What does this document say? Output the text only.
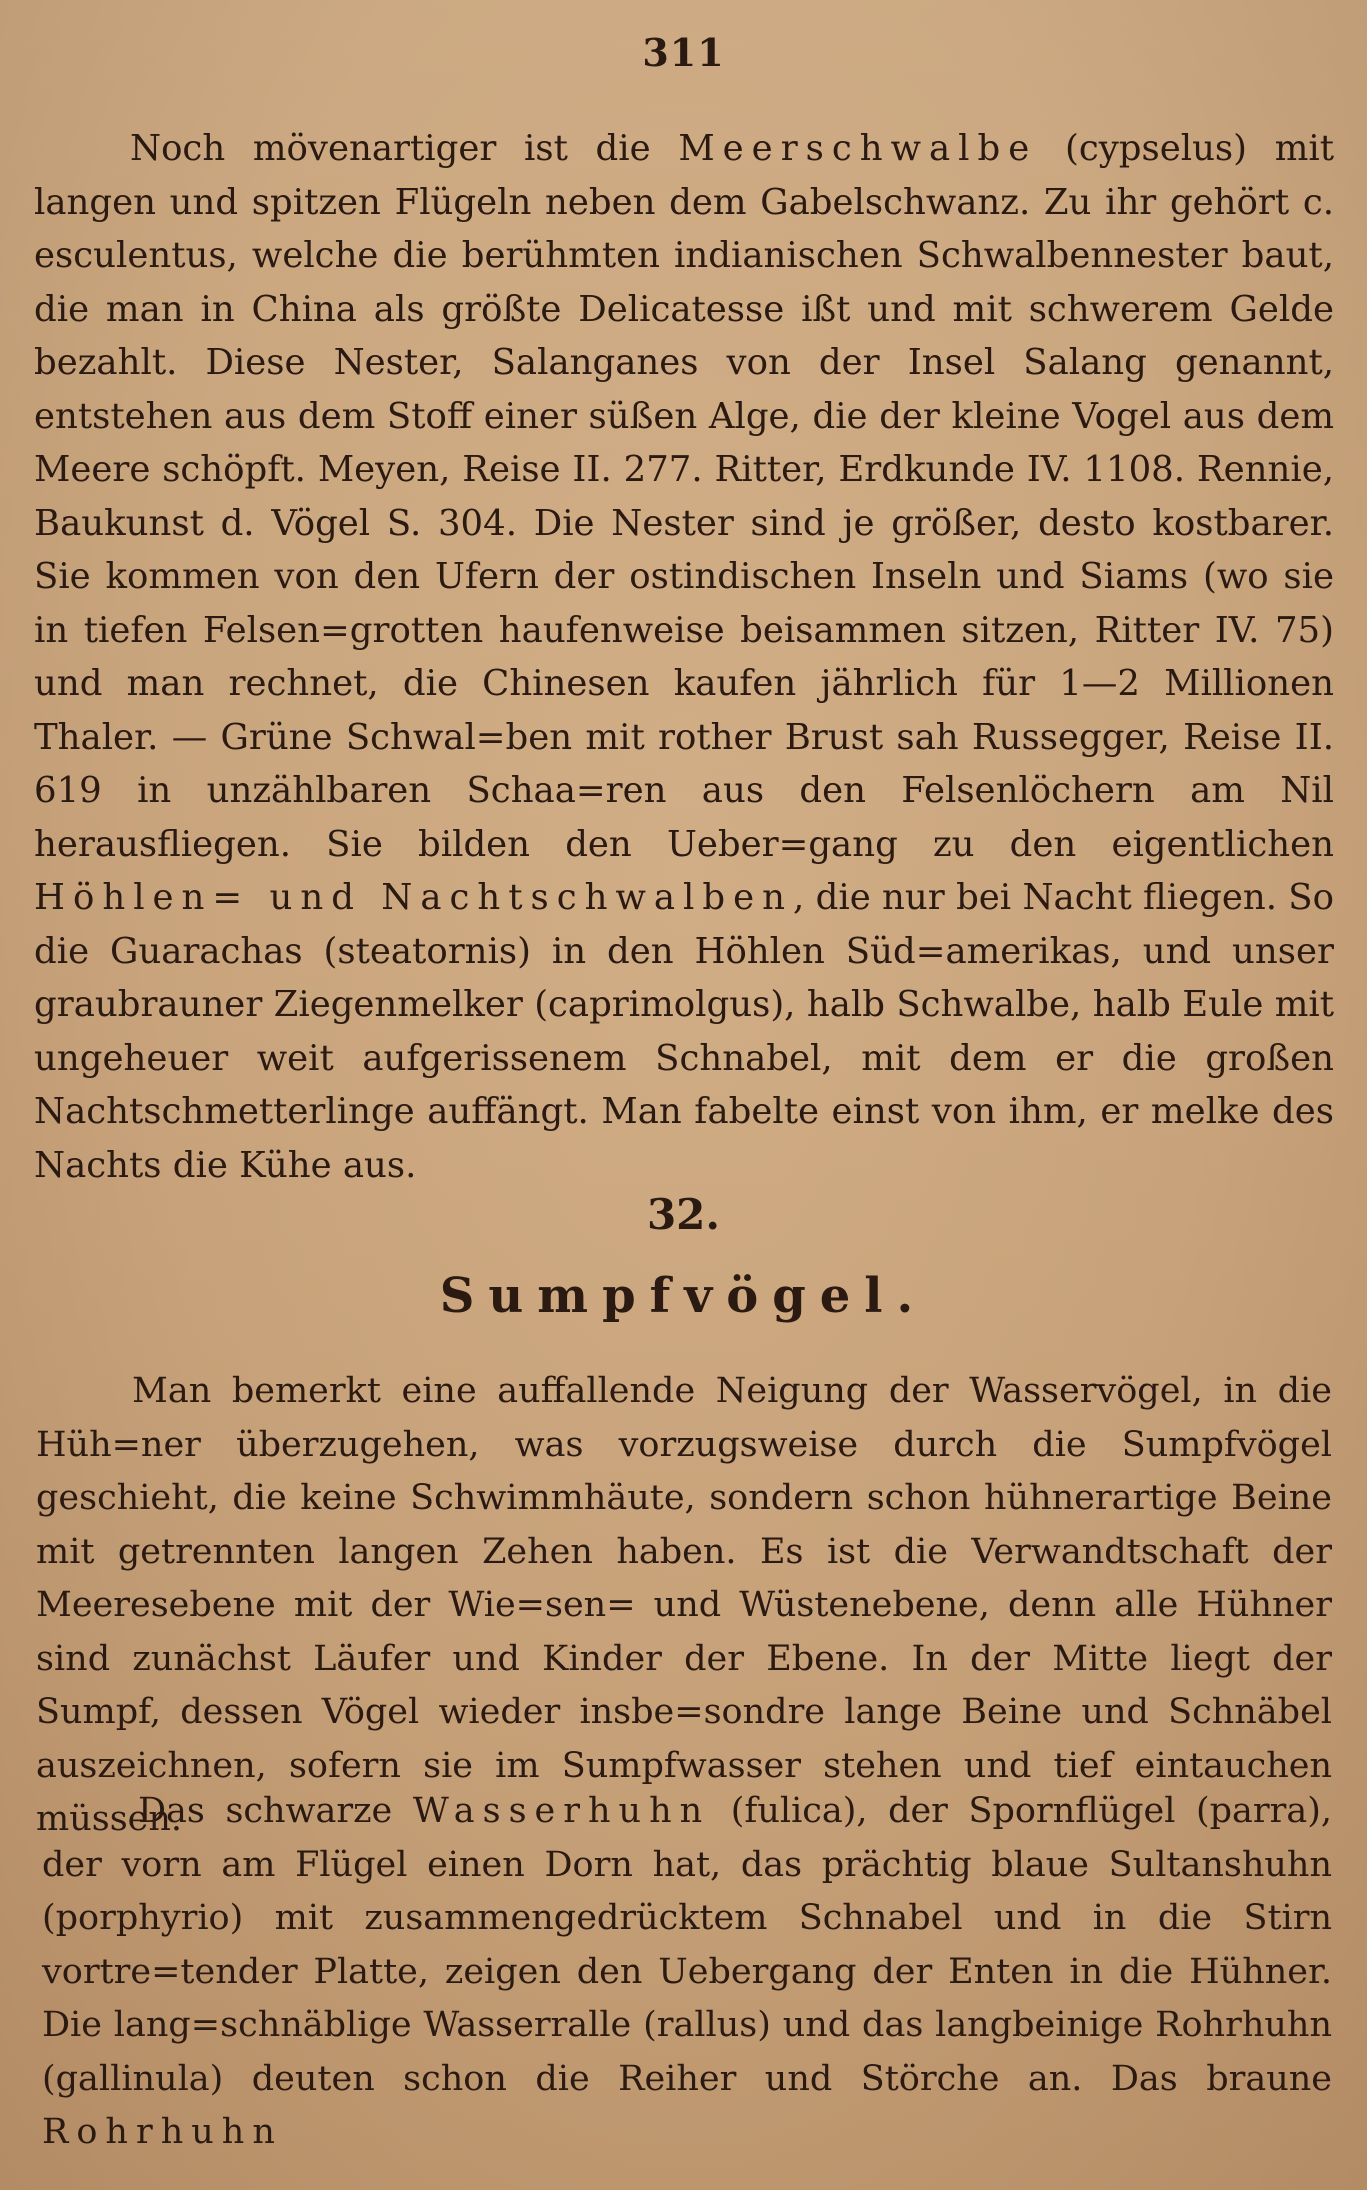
311

Noch mövenartiger ist die Meerschwalbe (cypselus) mit langen und spitzen Flügeln neben dem Gabelschwanz. Zu ihr gehört c. esculentus, welche die berühmten indianischen Schwalbennester baut, die man in China als größte Delicatesse ißt und mit schwerem Gelde bezahlt. Diese Nester, Salanganes von der Insel Salang genannt, entstehen aus dem Stoff einer süßen Alge, die der kleine Vogel aus dem Meere schöpft. Meyen, Reise II. 277. Ritter, Erdkunde IV. 1108. Rennie, Baukunst d. Vögel S. 304. Die Nester sind je größer, desto kostbarer. Sie kommen von den Ufern der ostindischen Inseln und Siams (wo sie in tiefen Felsen=grotten haufenweise beisammen sitzen, Ritter IV. 75) und man rechnet, die Chinesen kaufen jährlich für 1—2 Millionen Thaler. — Grüne Schwal=ben mit rother Brust sah Russegger, Reise II. 619 in unzählbaren Schaa=ren aus den Felsenlöchern am Nil herausfliegen. Sie bilden den Ueber=gang zu den eigentlichen Höhlen= und Nachtschwalben, die nur bei Nacht fliegen. So die Guarachas (steatornis) in den Höhlen Süd=amerikas, und unser graubrauner Ziegenmelker (caprimolgus), halb Schwalbe, halb Eule mit ungeheuer weit aufgerissenem Schnabel, mit dem er die großen Nachtschmetterlinge auffängt. Man fabelte einst von ihm, er melke des Nachts die Kühe aus.

32.
Sumpfvögel.

Man bemerkt eine auffallende Neigung der Wasservögel, in die Hüh=ner überzugehen, was vorzugsweise durch die Sumpfvögel geschieht, die keine Schwimmhäute, sondern schon hühnerartige Beine mit getrennten langen Zehen haben. Es ist die Verwandtschaft der Meeresebene mit der Wie=sen= und Wüstenebene, denn alle Hühner sind zunächst Läufer und Kinder der Ebene. In der Mitte liegt der Sumpf, dessen Vögel wieder insbe=sondre lange Beine und Schnäbel auszeichnen, sofern sie im Sumpfwasser stehen und tief eintauchen müssen.

Das schwarze Wasserhuhn (fulica), der Spornflügel (parra), der vorn am Flügel einen Dorn hat, das prächtig blaue Sultanshuhn (porphyrio) mit zusammengedrücktem Schnabel und in die Stirn vortre=tender Platte, zeigen den Uebergang der Enten in die Hühner. Die lang=schnäblige Wasserralle (rallus) und das langbeinige Rohrhuhn (gallinula) deuten schon die Reiher und Störche an. Das braune Rohrhuhn
